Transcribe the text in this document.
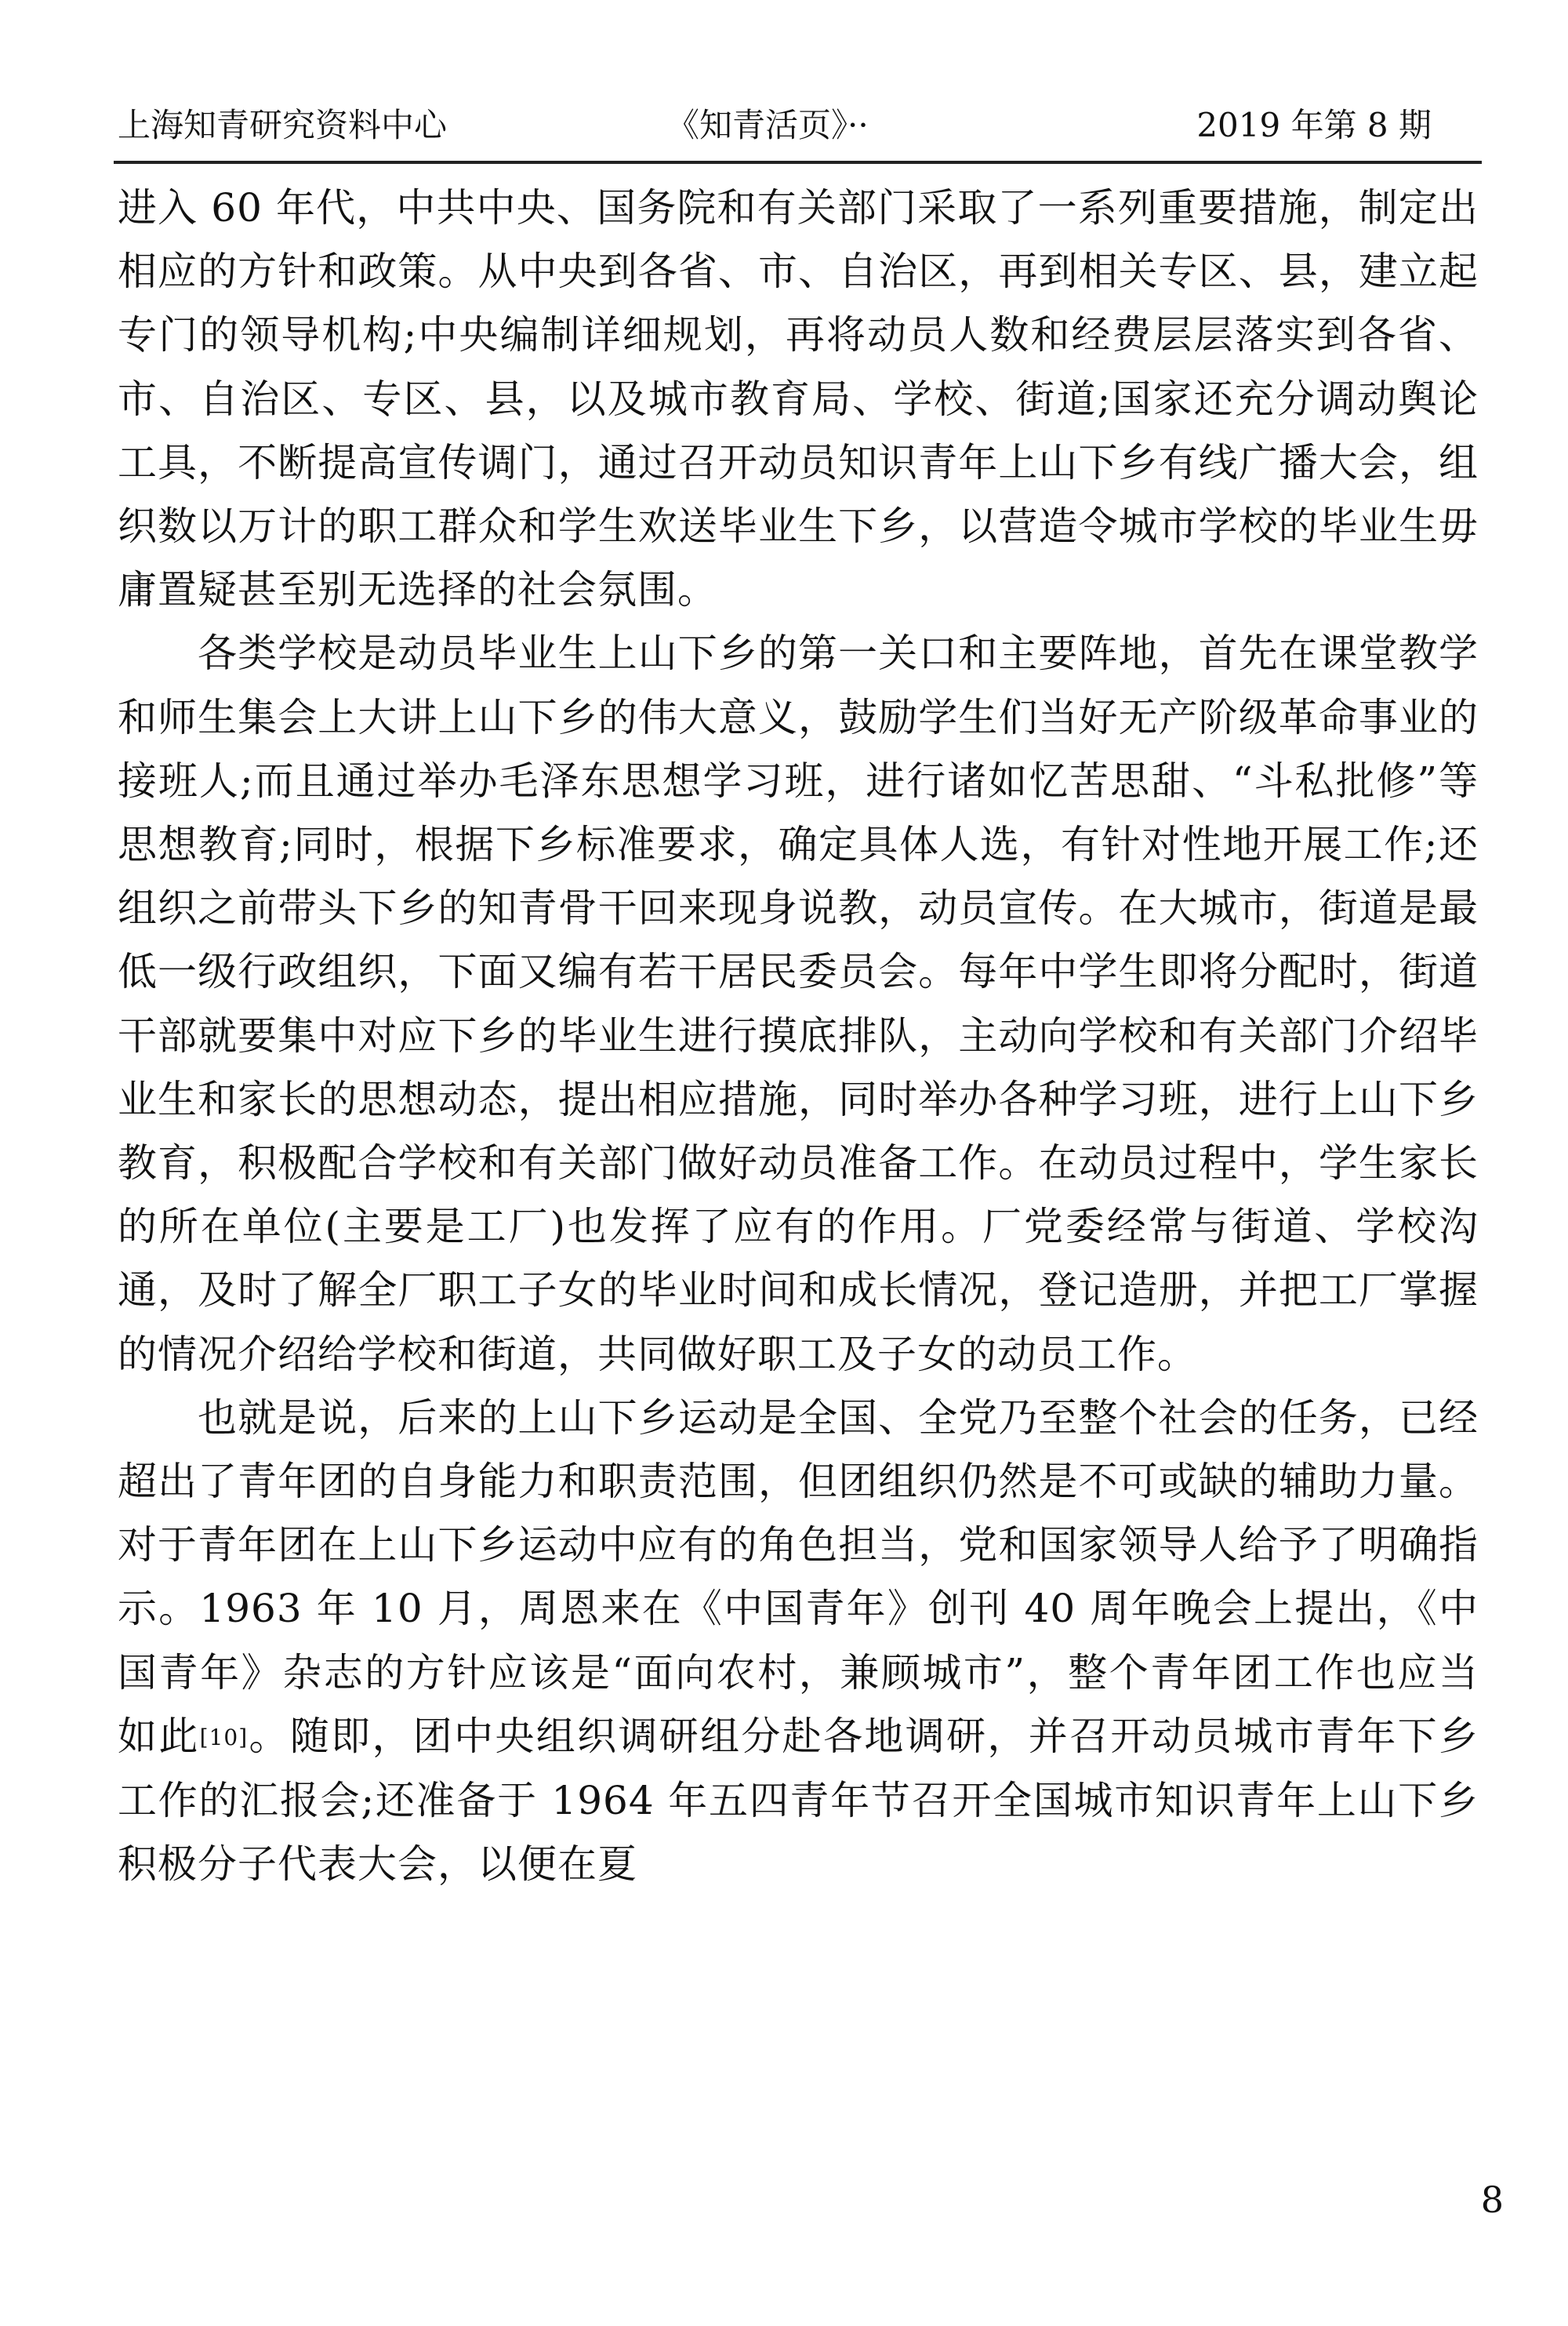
上海知青研究资料中心	《知青活页》··	2019 年第 8 期

进入 60 年代，中共中央、国务院和有关部门采取了一系列重要措施，制定出相应的方针和政策。从中央到各省、市、自治区，再到相关专区、县，建立起专门的领导机构;中央编制详细规划，再将动员人数和经费层层落实到各省、市、自治区、专区、县，以及城市教育局、学校、街道;国家还充分调动舆论工具，不断提高宣传调门，通过召开动员知识青年上山下乡有线广播大会，组织数以万计的职工群众和学生欢送毕业生下乡，以营造令城市学校的毕业生毋庸置疑甚至别无选择的社会氛围。

各类学校是动员毕业生上山下乡的第一关口和主要阵地，首先在课堂教学和师生集会上大讲上山下乡的伟大意义，鼓励学生们当好无产阶级革命事业的接班人;而且通过举办毛泽东思想学习班，进行诸如忆苦思甜、“斗私批修”等思想教育;同时，根据下乡标准要求，确定具体人选，有针对性地开展工作;还组织之前带头下乡的知青骨干回来现身说教，动员宣传。在大城市，街道是最低一级行政组织，下面又编有若干居民委员会。每年中学生即将分配时，街道干部就要集中对应下乡的毕业生进行摸底排队，主动向学校和有关部门介绍毕业生和家长的思想动态，提出相应措施，同时举办各种学习班，进行上山下乡教育，积极配合学校和有关部门做好动员准备工作。在动员过程中，学生家长的所在单位(主要是工厂)也发挥了应有的作用。厂党委经常与街道、学校沟通，及时了解全厂职工子女的毕业时间和成长情况，登记造册，并把工厂掌握的情况介绍给学校和街道，共同做好职工及子女的动员工作。

也就是说，后来的上山下乡运动是全国、全党乃至整个社会的任务，已经超出了青年团的自身能力和职责范围，但团组织仍然是不可或缺的辅助力量。对于青年团在上山下乡运动中应有的角色担当，党和国家领导人给予了明确指示。1963 年 10 月，周恩来在《中国青年》创刊 40 周年晚会上提出，《中国青年》杂志的方针应该是“面向农村，兼顾城市”，整个青年团工作也应当如此[10]。随即，团中央组织调研组分赴各地调研，并召开动员城市青年下乡工作的汇报会;还准备于 1964 年五四青年节召开全国城市知识青年上山下乡积极分子代表大会，以便在夏

8
